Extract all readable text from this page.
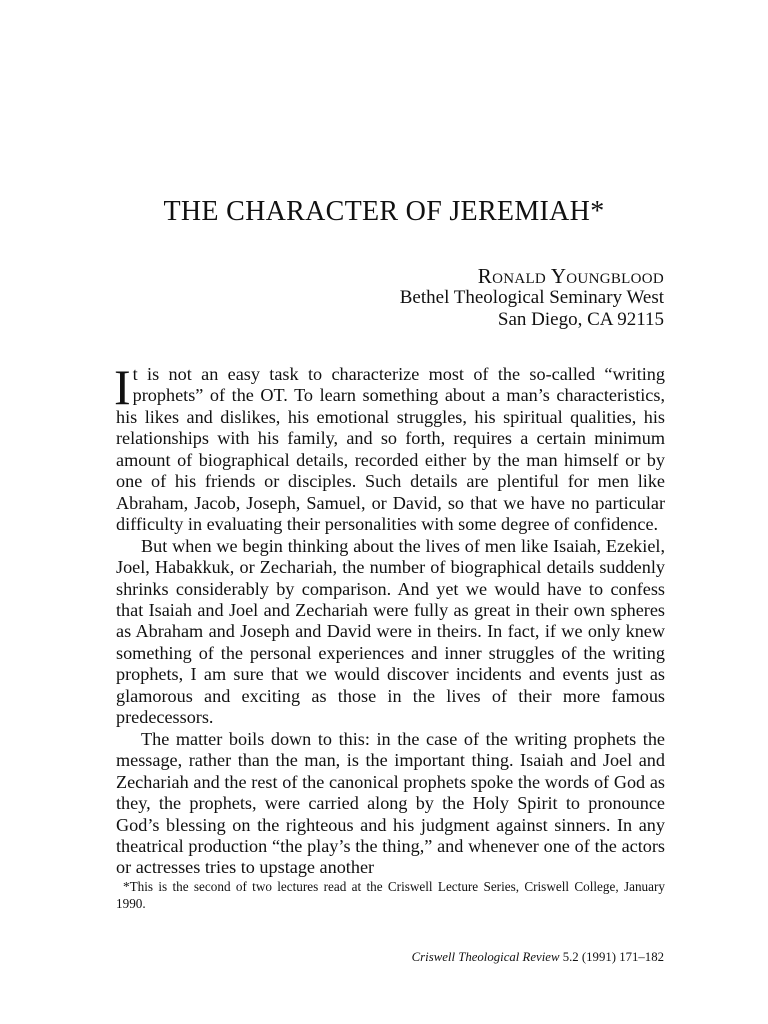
THE CHARACTER OF JEREMIAH*
Ronald Youngblood
Bethel Theological Seminary West
San Diego, CA 92115

It is not an easy task to characterize most of the so-called “writing prophets” of the OT. To learn something about a man’s characteristics, his likes and dislikes, his emotional struggles, his spiritual qualities, his relationships with his family, and so forth, requires a certain minimum amount of biographical details, recorded either by the man himself or by one of his friends or disciples. Such details are plentiful for men like Abraham, Jacob, Joseph, Samuel, or David, so that we have no particular difficulty in evaluating their personalities with some degree of confidence.

But when we begin thinking about the lives of men like Isaiah, Ezekiel, Joel, Habakkuk, or Zechariah, the number of biographical details suddenly shrinks considerably by comparison. And yet we would have to confess that Isaiah and Joel and Zechariah were fully as great in their own spheres as Abraham and Joseph and David were in theirs. In fact, if we only knew something of the personal experiences and inner struggles of the writing prophets, I am sure that we would discover incidents and events just as glamorous and exciting as those in the lives of their more famous predecessors.

The matter boils down to this: in the case of the writing prophets the message, rather than the man, is the important thing. Isaiah and Joel and Zechariah and the rest of the canonical prophets spoke the words of God as they, the prophets, were carried along by the Holy Spirit to pronounce God’s blessing on the righteous and his judgment against sinners. In any theatrical production “the play’s the thing,” and whenever one of the actors or actresses tries to upstage another

*This is the second of two lectures read at the Criswell Lecture Series, Criswell College, January 1990.

Criswell Theological Review 5.2 (1991) 171–182
